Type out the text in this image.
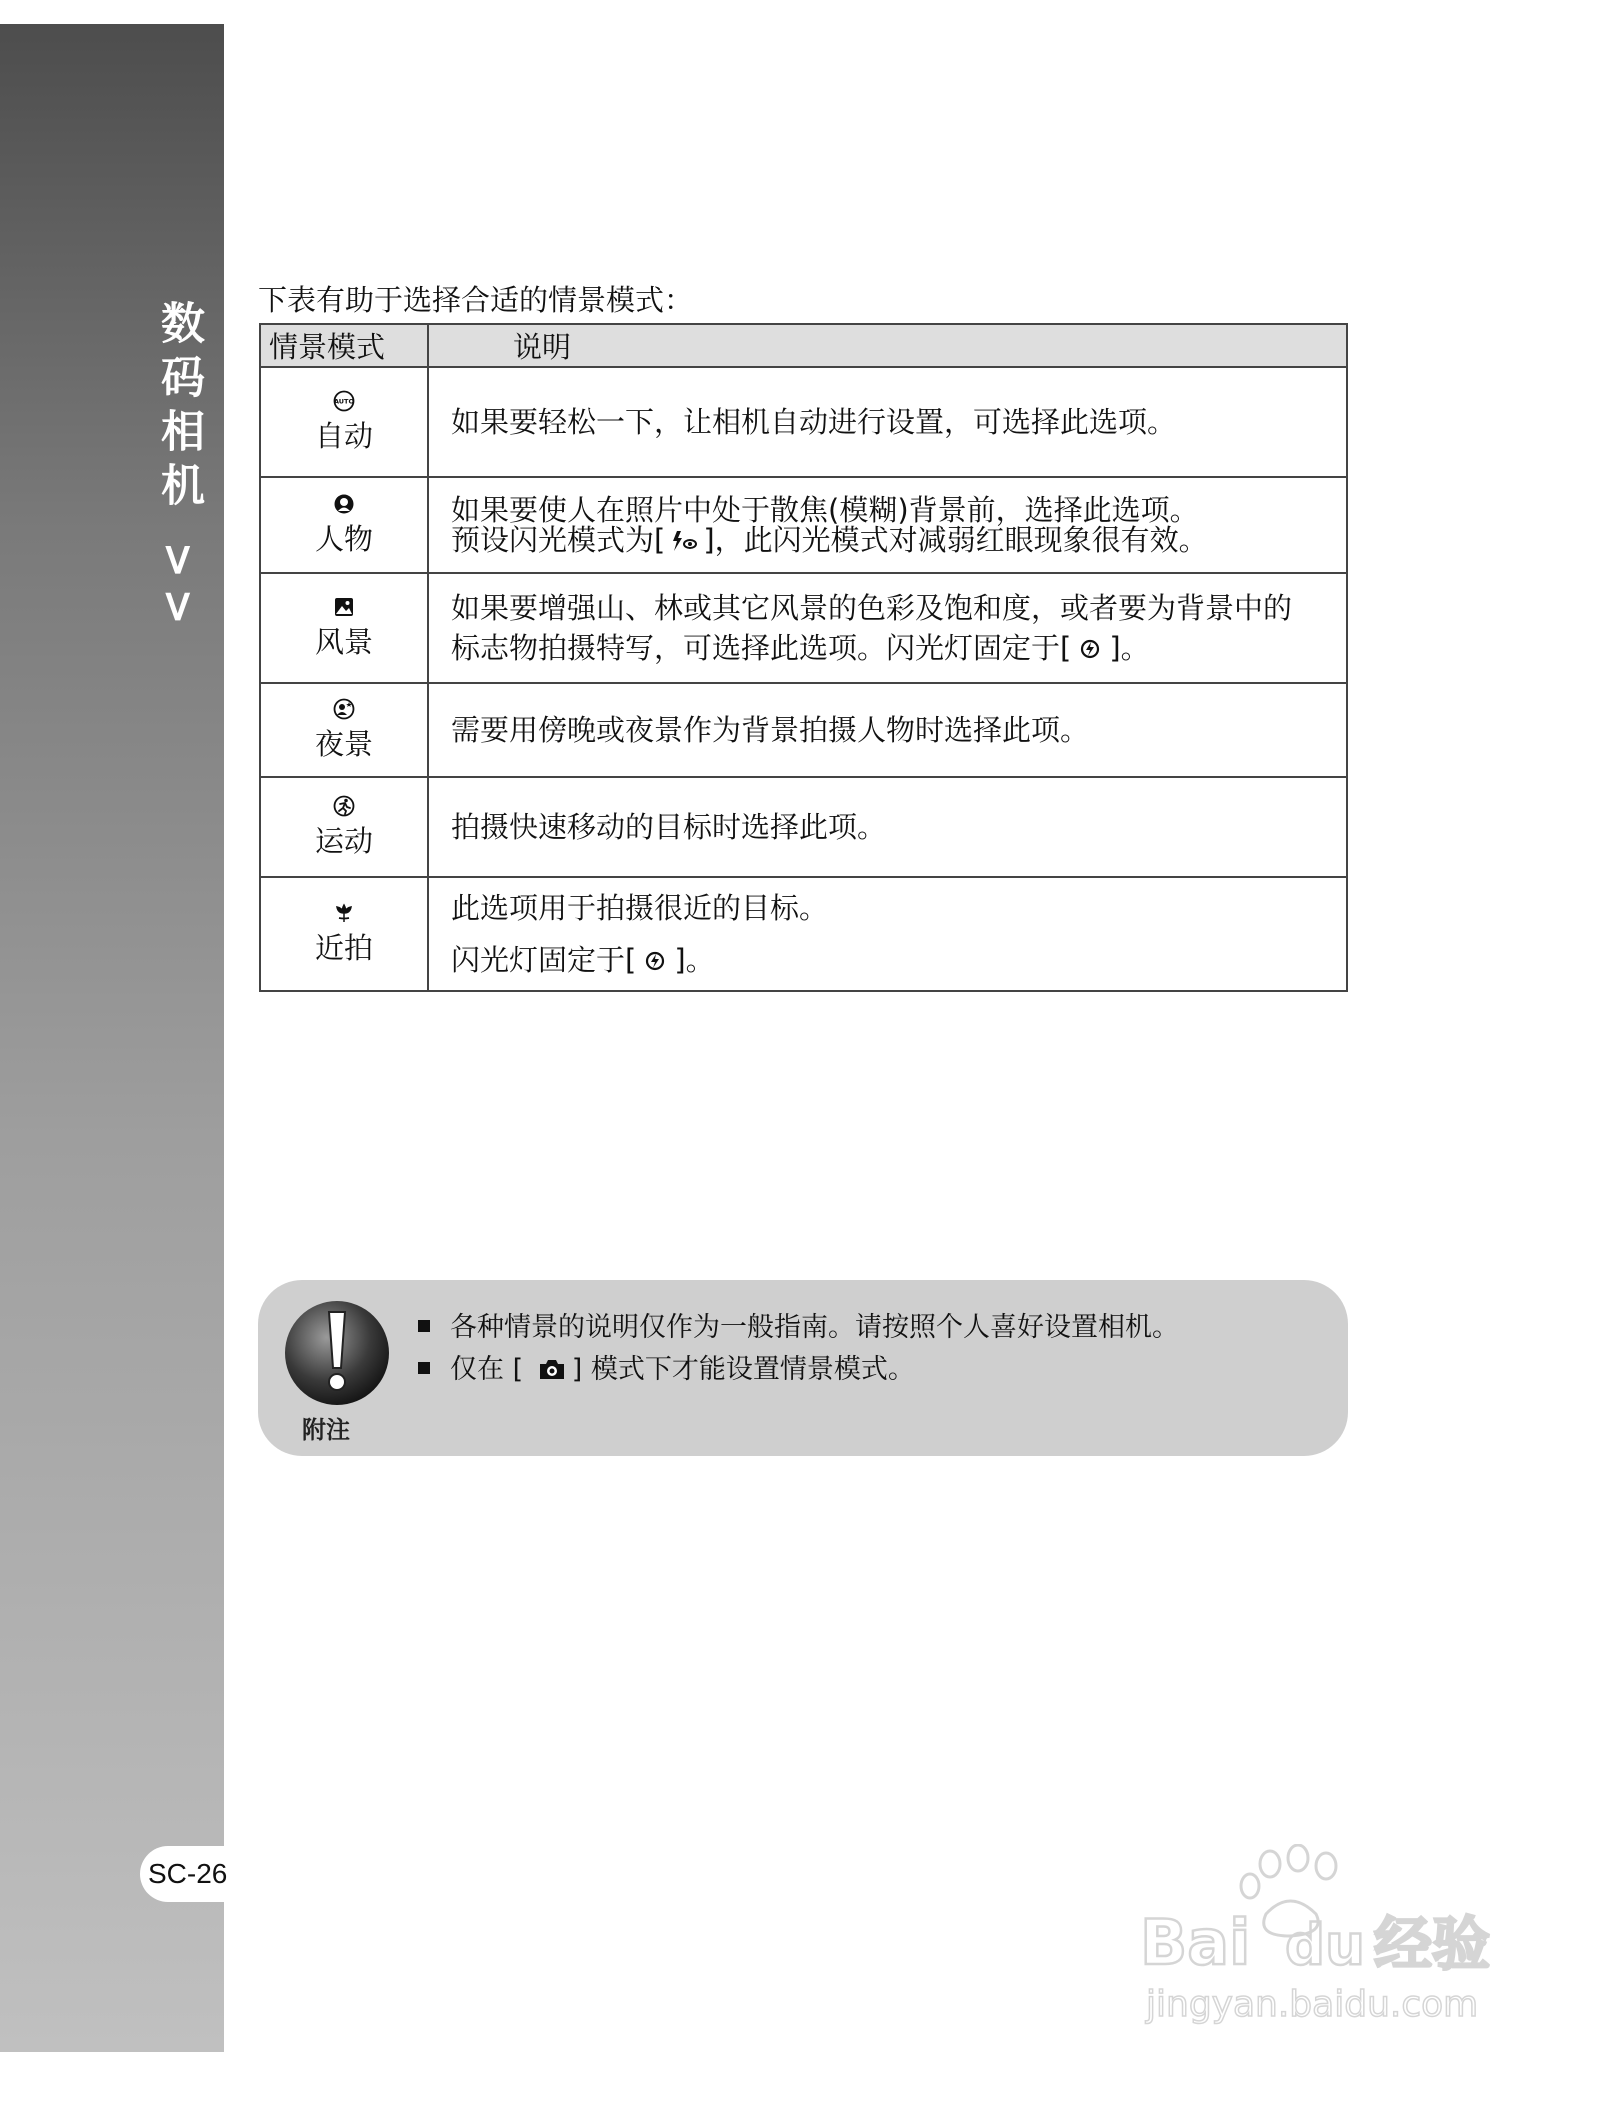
数码相机 >>
SC-26
下表有助于选择合适的情景模式：
情景模式	说明

AUTO
自动	如果要轻松一下，让相机自动进行设置，可选择此选项。

人物	如果要使人在照片中处于散焦(模糊)背景前，选择此选项。
预设闪光模式为[ ]，此闪光模式对减弱红眼现象很有效。

风景	如果要增强山、林或其它风景的色彩及饱和度，或者要为背景中的
标志物拍摄特写，可选择此选项。闪光灯固定于[ ]。

夜景	需要用傍晚或夜景作为背景拍摄人物时选择此项。

运动	拍摄快速移动的目标时选择此项。

近拍	此选项用于拍摄很近的目标。
闪光灯固定于[ ]。
附注
各种情景的说明仅作为一般指南。请按照个人喜好设置相机。
仅在 [ ] 模式下才能设置情景模式。
Bai du 经验
jingyan.baidu.com
